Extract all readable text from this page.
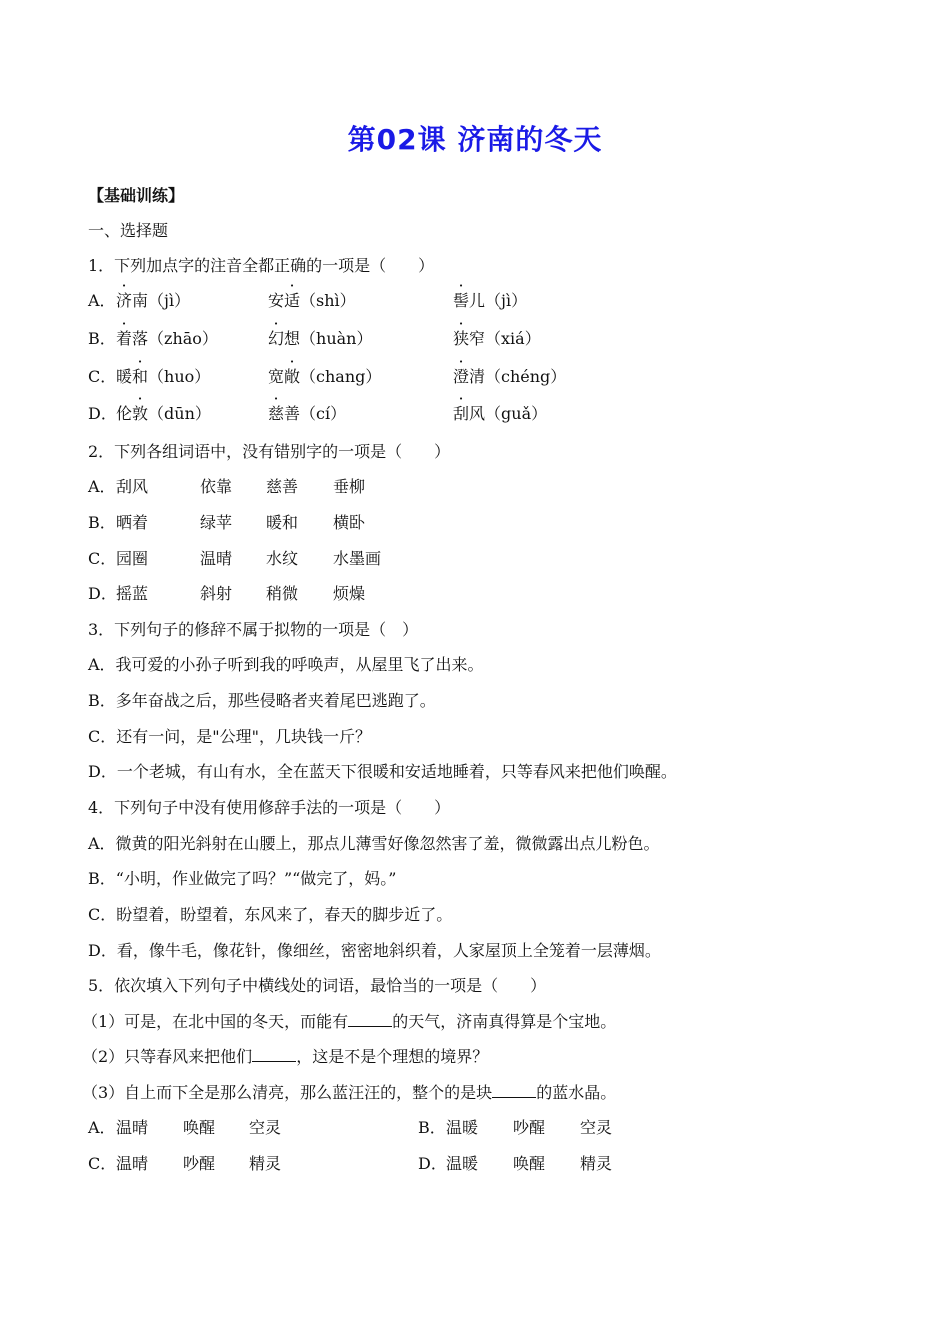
第02课 济南的冬天
【基础训练】
一、选择题
1．下列加点字的注音全都正确的一项是（　　）
A． 济南（jì）	安适（shì）	髻儿（jì）
B． 着落（zhāo）	幻想（huàn）	狭窄（xiá）
C． 暖和（huo）	宽敞（chang）	澄清（chéng）
D． 伦敦（dūn）	慈善（cí）	刮风（guǎ）
2．下列各组词语中，没有错别字的一项是（　　）
A． 刮风	依靠 慈善 垂柳
B． 晒着	绿苹 暖和 横卧
C． 园圈	温晴 水纹 水墨画
D． 摇蓝	斜射 稍微 烦燥
3．下列句子的修辞不属于拟物的一项是（　）
A．我可爱的小孙子听到我的呼唤声，从屋里飞了出来。
B．多年奋战之后，那些侵略者夹着尾巴逃跑了。
C．还有一问，是"公理"，几块钱一斤？
D．一个老城，有山有水，全在蓝天下很暖和安适地睡着，只等春风来把他们唤醒。
4．下列句子中没有使用修辞手法的一项是（　　）
A．微黄的阳光斜射在山腰上，那点儿薄雪好像忽然害了羞，微微露出点儿粉色。
B．“小明，作业做完了吗？”“做完了，妈。”
C．盼望着，盼望着，东风来了，春天的脚步近了。
D．看，像牛毛，像花针，像细丝，密密地斜织着，人家屋顶上全笼着一层薄烟。
5．依次填入下列句子中横线处的词语，最恰当的一项是（　　）
（1）可是，在北中国的冬天，而能有	的天气，济南真得算是个宝地。
（2）只等春风来把他们	，这是不是个理想的境界？
（3）自上而下全是那么清亮，那么蓝汪汪的，整个的是块	的蓝水晶。
A． 温晴 唤醒 空灵	B． 温暖 吵醒 空灵
C． 温晴 吵醒 精灵	D． 温暖 唤醒 精灵
